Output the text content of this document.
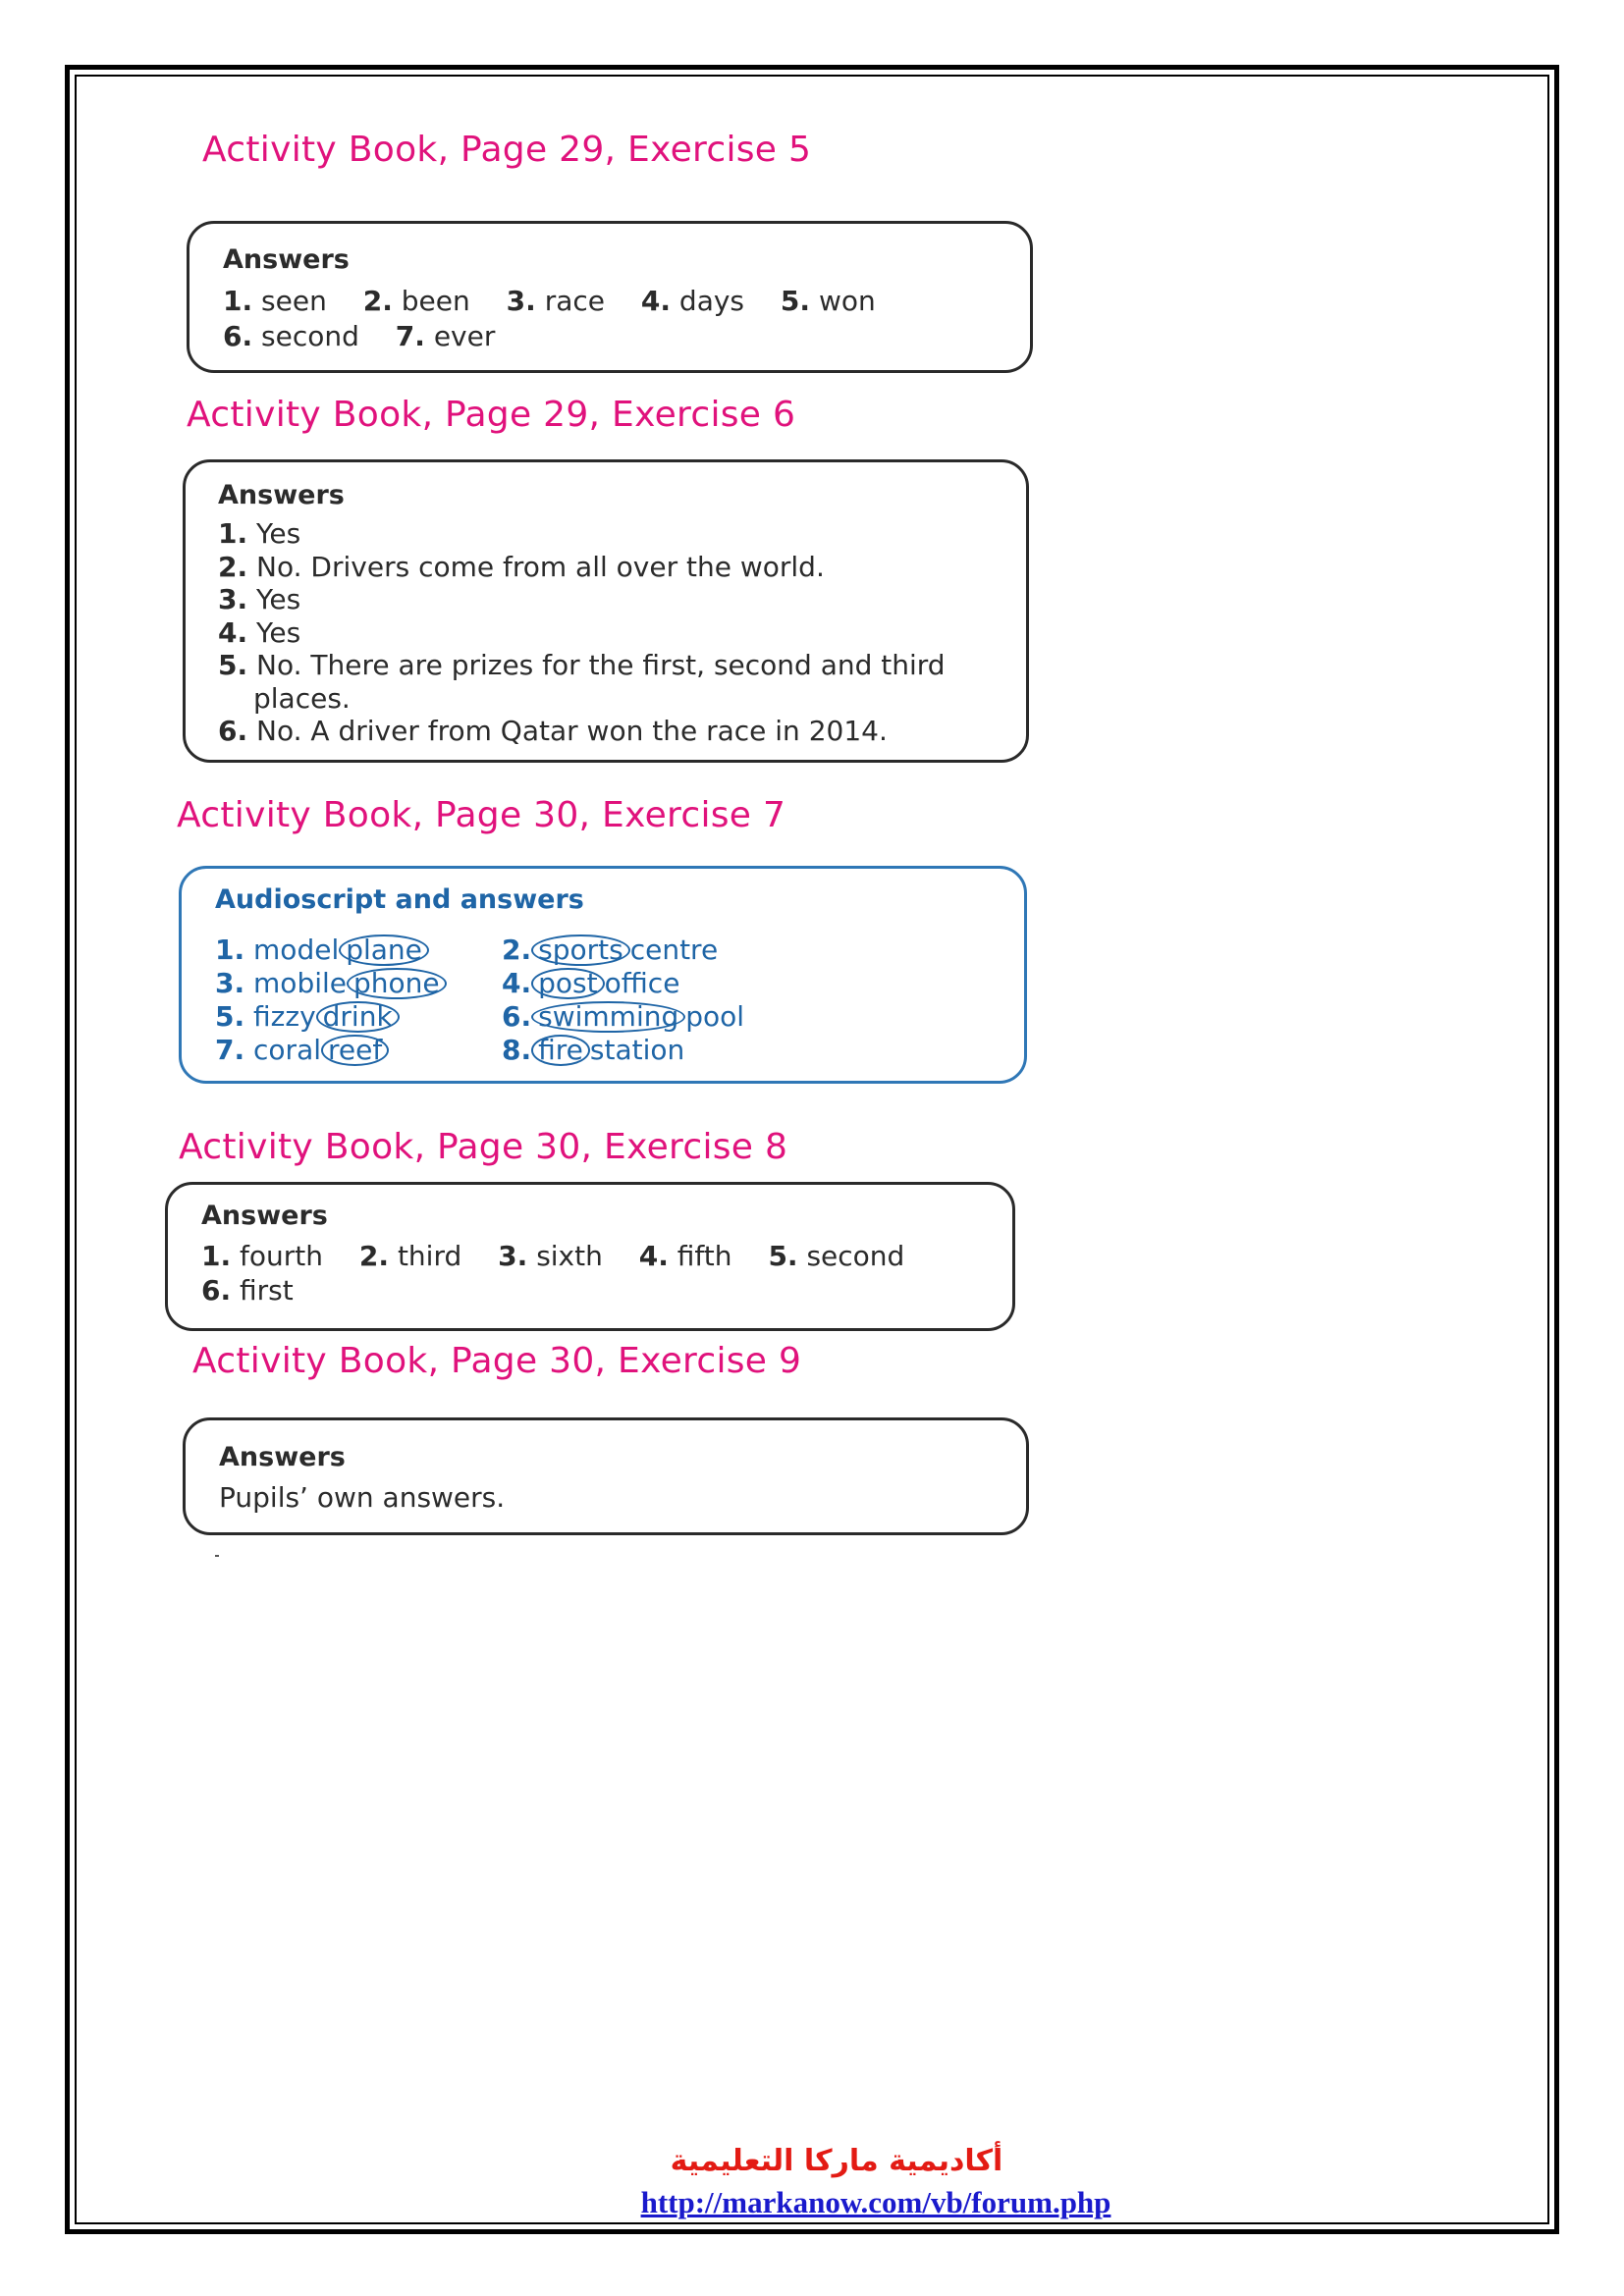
Activity Book, Page 29, Exercise 5
Answers
1. seen 2. been 3. race 4. days 5. won
6. second 7. ever
Activity Book, Page 29, Exercise 6
Answers
1. Yes
2. No. Drivers come from all over the world.
3. Yes
4. Yes
5. No. There are prizes for the first, second and third
places.
6. No. A driver from Qatar won the race in 2014.
Activity Book, Page 30, Exercise 7
Audioscript and answers
1. model plane	2. sports centre
3. mobile phone 4. post office
5. fizzy drink	6. swimming pool
7. coral reef	8. fire station
Activity Book, Page 30, Exercise 8
Answers
1. fourth 2. third 3. sixth 4. fifth 5. second
6. first
Activity Book, Page 30, Exercise 9
Answers
Pupils’ own answers.
أكاديمية ماركا التعليمية
http://markanow.com/vb/forum.php
